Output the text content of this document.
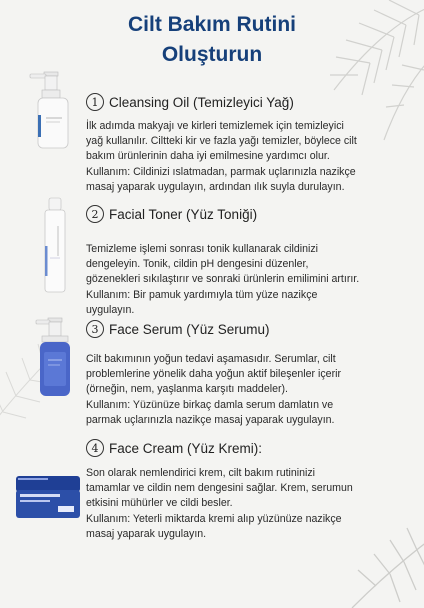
Cilt Bakım Rutini
Oluşturun
1 Cleansing Oil (Temizleyici Yağ)

İlk adımda makyajı ve kirleri temizlemek için temizleyici

yağ kullanılır. Ciltteki kir ve fazla yağı temizler, böylece cilt

bakım ürünlerinin daha iyi emilmesine yardımcı olur.

Kullanım: Cildinizi ıslatmadan, parmak uçlarınızla nazikçe

masaj yaparak uygulayın, ardından ılık suyla durulayın.

2 Facial Toner (Yüz Toniği)

Temizleme işlemi sonrası tonik kullanarak cildinizi

dengeleyin. Tonik, cildin pH dengesini düzenler,

gözenekleri sıkılaştırır ve sonraki ürünlerin emilimini artırır.

Kullanım: Bir pamuk yardımıyla tüm yüze nazikçe

uygulayın.

3 Face Serum (Yüz Serumu)

Cilt bakımının yoğun tedavi aşamasıdır. Serumlar, cilt

problemlerine yönelik daha yoğun aktif bileşenler içerir

(örneğin, nem, yaşlanma karşıtı maddeler).

Kullanım: Yüzünüze birkaç damla serum damlatın ve

parmak uçlarınızla nazikçe masaj yaparak uygulayın.

4 Face Cream (Yüz Kremi):

Son olarak nemlendirici krem, cilt bakım rutininizi

tamamlar ve cildin nem dengesini sağlar. Krem, serumun

etkisini mühürler ve cildi besler.

Kullanım: Yeterli miktarda kremi alıp yüzünüze nazikçe

masaj yaparak uygulayın.
